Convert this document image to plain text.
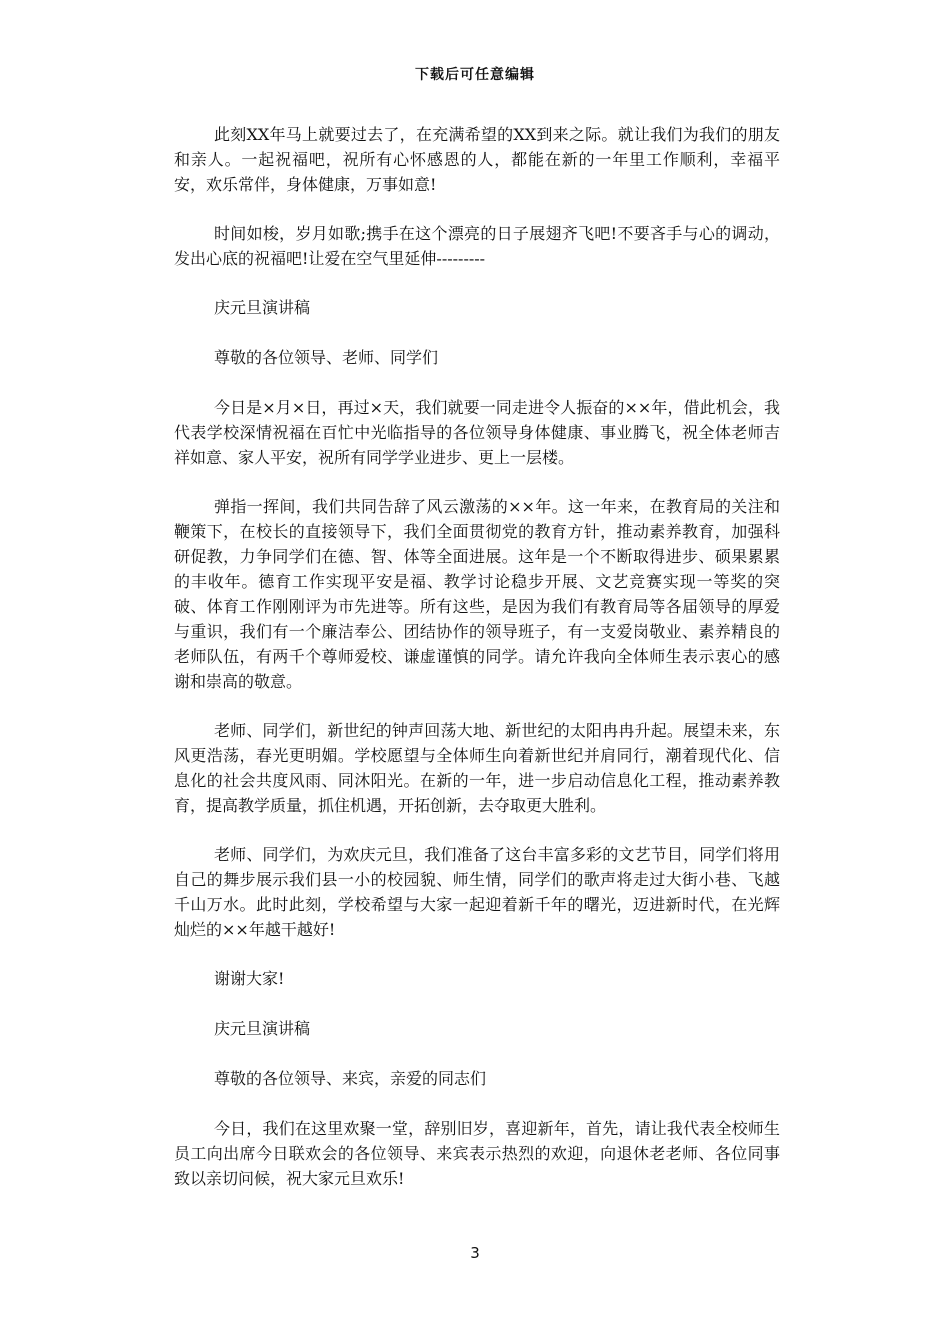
下载后可任意编辑

此刻XX年马上就要过去了，在充满希望的XX到来之际。就让我们为我们的朋友和亲人。一起祝福吧，祝所有心怀感恩的人，都能在新的一年里工作顺利，幸福平安，欢乐常伴，身体健康，万事如意!

时间如梭，岁月如歌;携手在这个漂亮的日子展翅齐飞吧!不要吝手与心的调动，发出心底的祝福吧!让爱在空气里延伸---------

庆元旦演讲稿

尊敬的各位领导、老师、同学们

今日是×月×日，再过×天，我们就要一同走进令人振奋的××年，借此机会，我代表学校深情祝福在百忙中光临指导的各位领导身体健康、事业腾飞，祝全体老师吉祥如意、家人平安，祝所有同学学业进步、更上一层楼。

弹指一挥间，我们共同告辞了风云激荡的××年。这一年来，在教育局的关注和鞭策下，在校长的直接领导下，我们全面贯彻党的教育方针，推动素养教育，加强科研促教，力争同学们在德、智、体等全面进展。这年是一个不断取得进步、硕果累累的丰收年。德育工作实现平安是福、教学讨论稳步开展、文艺竞赛实现一等奖的突破、体育工作刚刚评为市先进等。所有这些，是因为我们有教育局等各届领导的厚爱与重识，我们有一个廉洁奉公、团结协作的领导班子，有一支爱岗敬业、素养精良的老师队伍，有两千个尊师爱校、谦虚谨慎的同学。请允许我向全体师生表示衷心的感谢和崇高的敬意。

老师、同学们，新世纪的钟声回荡大地、新世纪的太阳冉冉升起。展望未来，东风更浩荡，春光更明媚。学校愿望与全体师生向着新世纪并肩同行，潮着现代化、信息化的社会共度风雨、同沐阳光。在新的一年，进一步启动信息化工程，推动素养教育，提高教学质量，抓住机遇，开拓创新，去夺取更大胜利。

老师、同学们，为欢庆元旦，我们准备了这台丰富多彩的文艺节目，同学们将用自己的舞步展示我们县一小的校园貌、师生情，同学们的歌声将走过大街小巷、飞越千山万水。此时此刻，学校希望与大家一起迎着新千年的曙光，迈进新时代，在光辉灿烂的××年越干越好!

谢谢大家!

庆元旦演讲稿

尊敬的各位领导、来宾，亲爱的同志们

今日，我们在这里欢聚一堂，辞别旧岁，喜迎新年，首先，请让我代表全校师生员工向出席今日联欢会的各位领导、来宾表示热烈的欢迎，向退休老老师、各位同事致以亲切问候，祝大家元旦欢乐!

3
